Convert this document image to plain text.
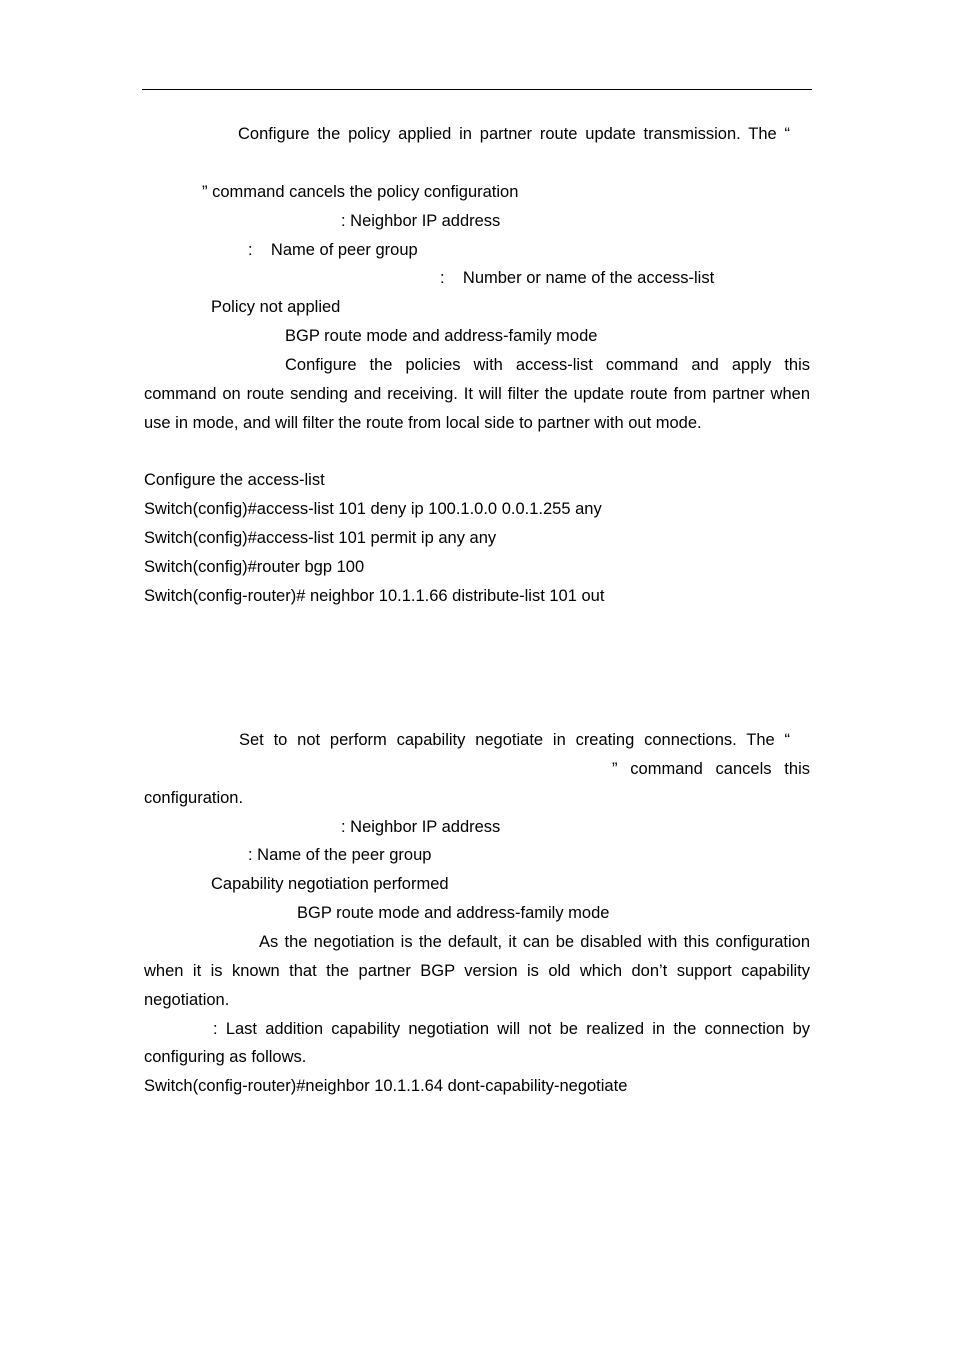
Configure the policy applied in partner route update transmission. The “

” command cancels the policy configuration

: Neighbor IP address

:    Name of peer group

:    Number or name of the access-list

Policy not applied

BGP route mode and address-family mode

Configure the policies with access-list command and apply this

command on route sending and receiving. It will filter the update route from partner when

use in mode, and will filter the route from local side to partner with out mode.

Configure the access-list

Switch(config)#access-list 101 deny ip 100.1.0.0 0.0.1.255 any

Switch(config)#access-list 101 permit ip any any

Switch(config)#router bgp 100

Switch(config-router)# neighbor 10.1.1.66 distribute-list 101 out

Set to not perform capability negotiate in creating connections. The “

” command cancels this

configuration.

: Neighbor IP address

: Name of the peer group

Capability negotiation performed

BGP route mode and address-family mode

As the negotiation is the default, it can be disabled with this configuration

when it is known that the partner BGP version is old which don’t support capability

negotiation.

: Last addition capability negotiation will not be realized in the connection by

configuring as follows.

Switch(config-router)#neighbor 10.1.1.64 dont-capability-negotiate
